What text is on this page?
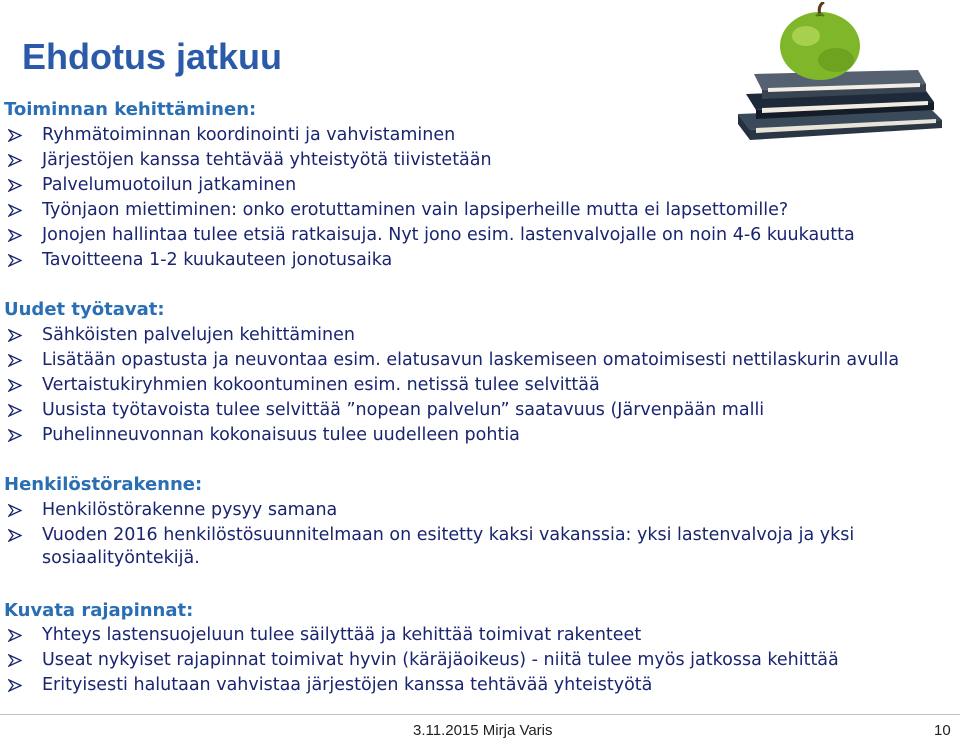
Ehdotus jatkuu
Toiminnan kehittäminen:
Ryhmätoiminnan koordinointi ja vahvistaminen
Järjestöjen kanssa tehtävää yhteistyötä tiivistetään
Palvelumuotoilun jatkaminen
Työnjaon miettiminen: onko erotuttaminen vain lapsiperheille mutta ei lapsettomille?
Jonojen hallintaa tulee etsiä ratkaisuja. Nyt jono esim. lastenvalvojalle on noin 4-6 kuukautta
Tavoitteena 1-2 kuukauteen jonotusaika
Uudet työtavat:
Sähköisten palvelujen kehittäminen
Lisätään opastusta ja neuvontaa esim. elatusavun laskemiseen omatoimisesti nettilaskurin avulla
Vertaistukiryhmien kokoontuminen esim. netissä tulee selvittää
Uusista työtavoista tulee selvittää ”nopean palvelun” saatavuus (Järvenpään malli
Puhelinneuvonnan kokonaisuus tulee uudelleen pohtia
Henkilöstörakenne:
Henkilöstörakenne pysyy samana
Vuoden 2016 henkilöstösuunnitelmaan on esitetty kaksi vakanssia: yksi lastenvalvoja ja yksi sosiaalityöntekijä.
Kuvata rajapinnat:
Yhteys lastensuojeluun tulee säilyttää ja kehittää toimivat rakenteet
Useat nykyiset rajapinnat toimivat hyvin (käräjäoikeus) - niitä tulee myös jatkossa kehittää
Erityisesti halutaan vahvistaa järjestöjen kanssa tehtävää yhteistyötä
3.11.2015 Mirja Varis	10
